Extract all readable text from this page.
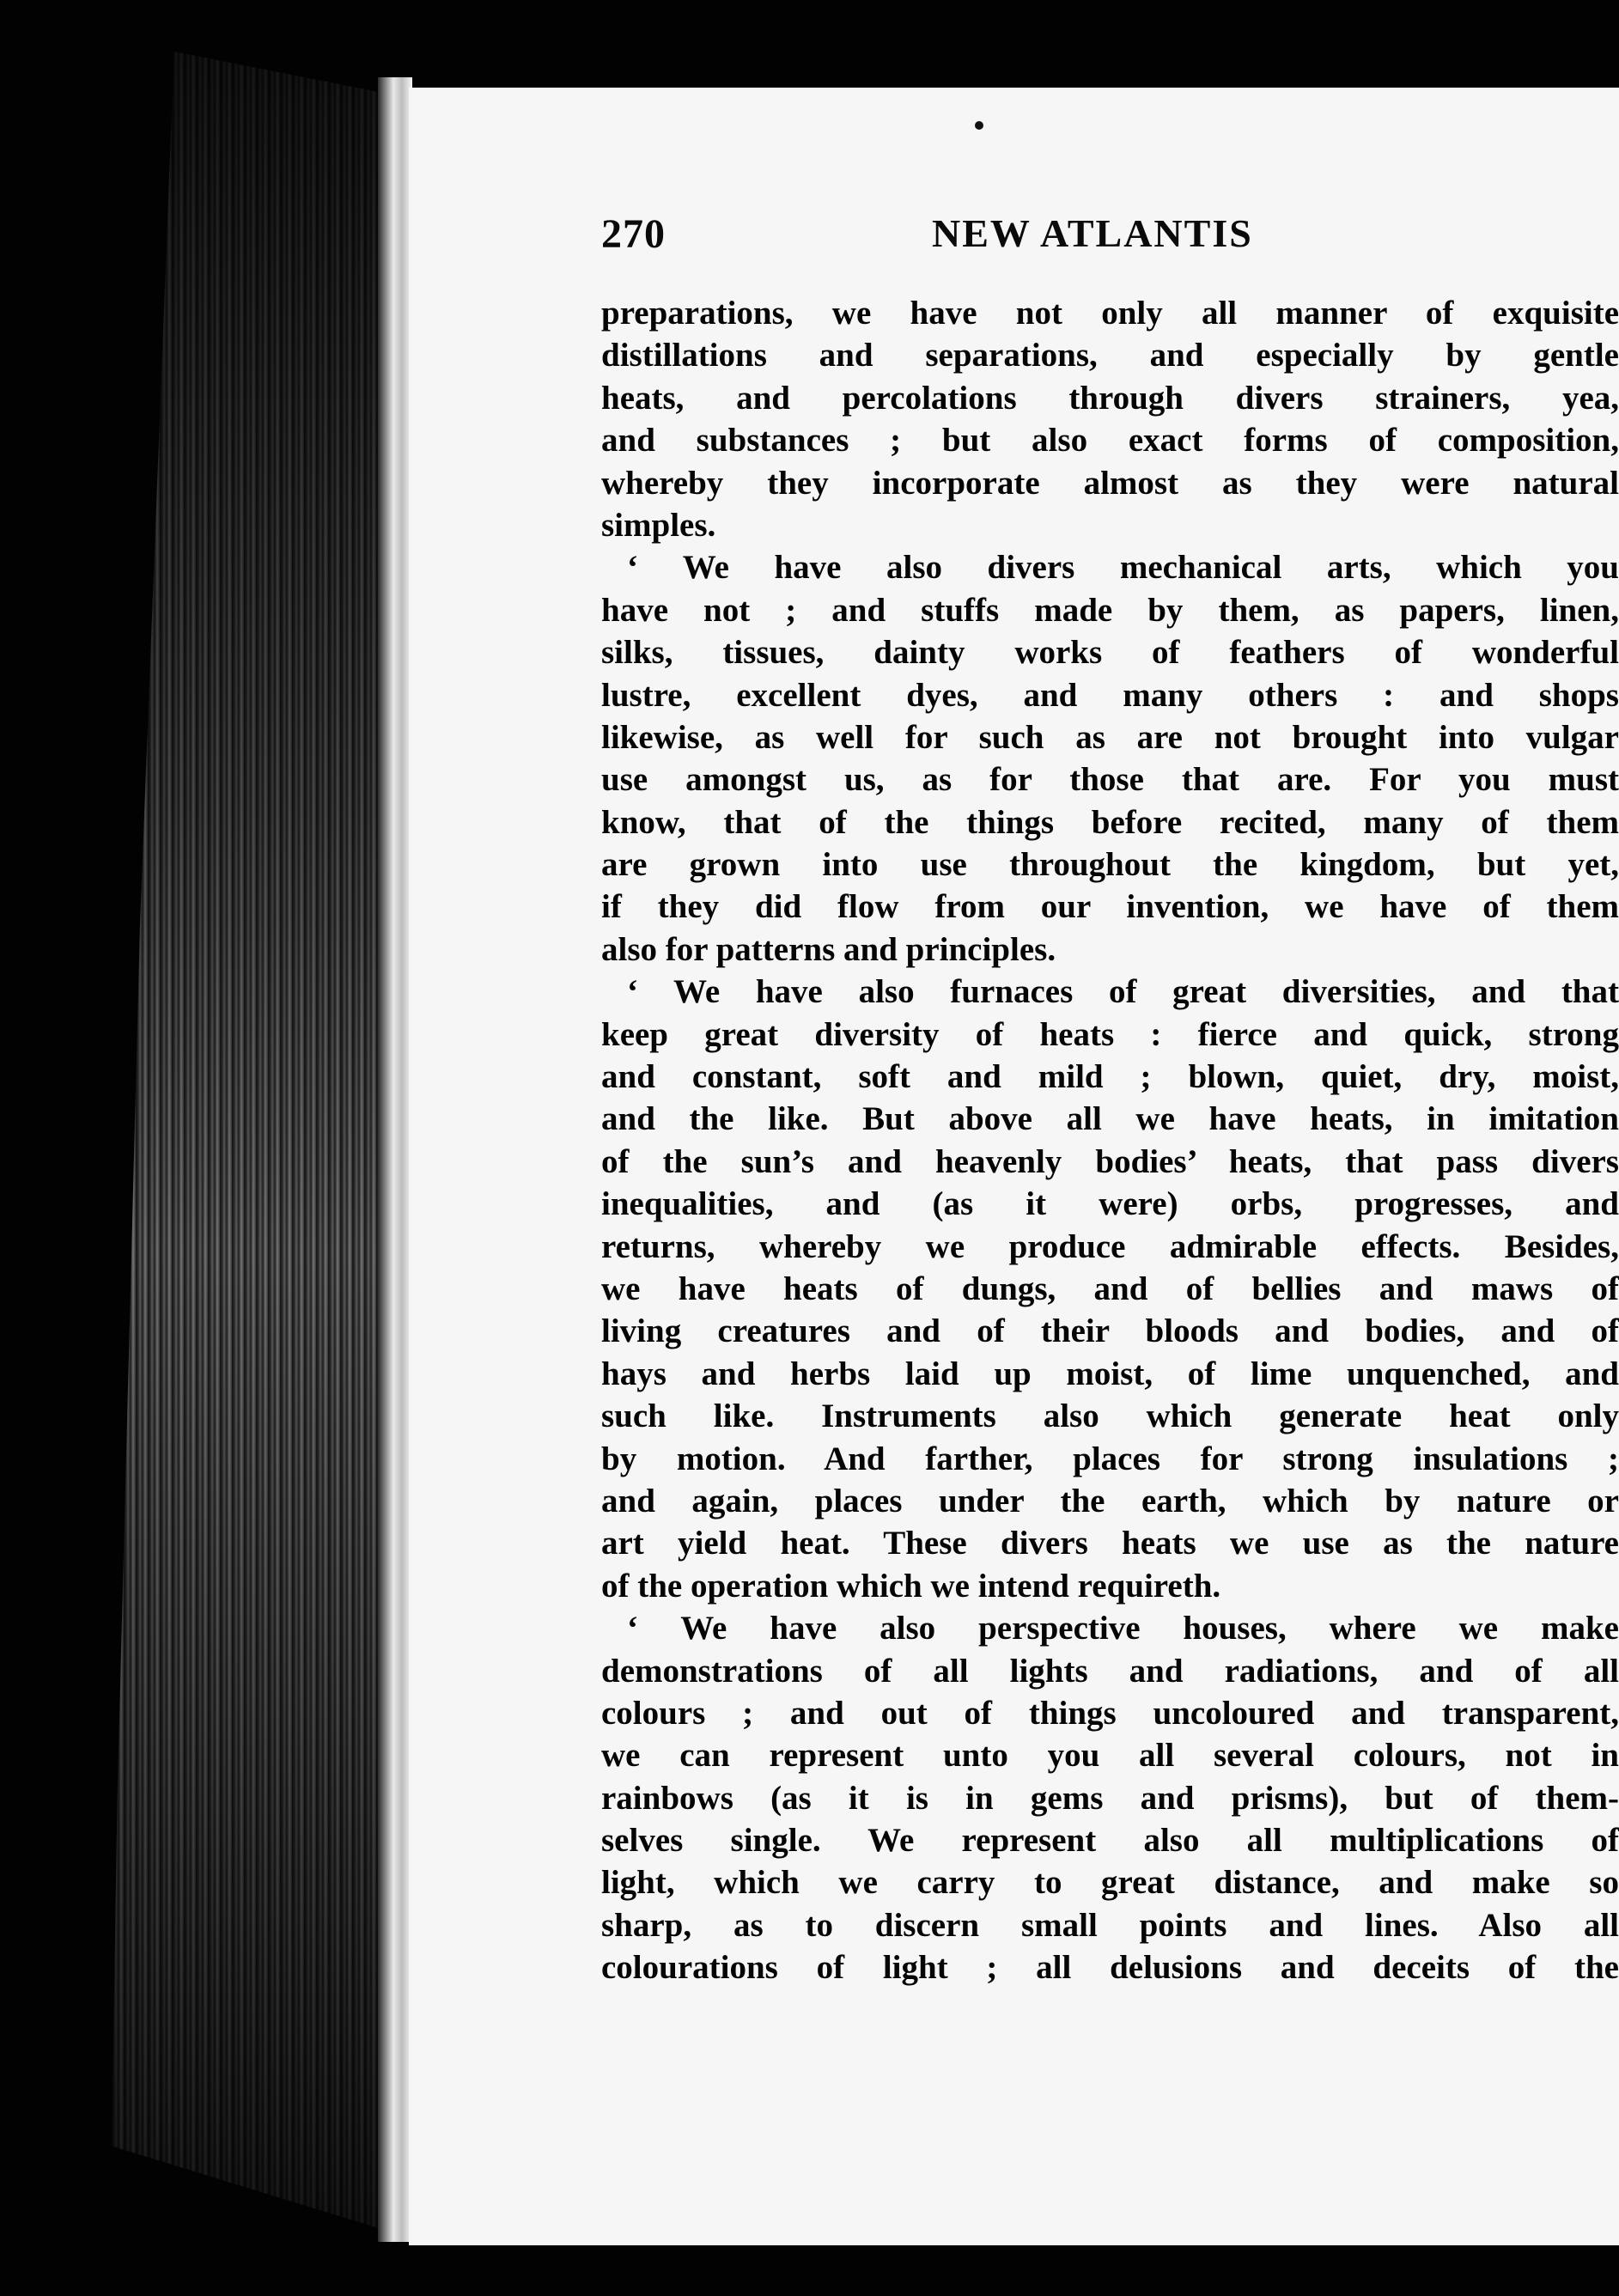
270	NEW ATLANTIS
preparations, we have not only all manner of exquisite
distillations and separations, and especially by gentle
heats, and percolations through divers strainers, yea,
and substances ; but also exact forms of composition,
whereby they incorporate almost as they were natural
simples.
‘ We have also divers mechanical arts, which you
have not ; and stuffs made by them, as papers, linen,
silks, tissues, dainty works of feathers of wonderful
lustre, excellent dyes, and many others : and shops
likewise, as well for such as are not brought into vulgar
use amongst us, as for those that are. For you must
know, that of the things before recited, many of them
are grown into use throughout the kingdom, but yet,
if they did flow from our invention, we have of them
also for patterns and principles.
‘ We have also furnaces of great diversities, and that
keep great diversity of heats : fierce and quick, strong
and constant, soft and mild ; blown, quiet, dry, moist,
and the like. But above all we have heats, in imitation
of the sun’s and heavenly bodies’ heats, that pass divers
inequalities, and (as it were) orbs, progresses, and
returns, whereby we produce admirable effects. Besides,
we have heats of dungs, and of bellies and maws of
living creatures and of their bloods and bodies, and of
hays and herbs laid up moist, of lime unquenched, and
such like. Instruments also which generate heat only
by motion. And farther, places for strong insulations ;
and again, places under the earth, which by nature or
art yield heat. These divers heats we use as the nature
of the operation which we intend requireth.
‘ We have also perspective houses, where we make
demonstrations of all lights and radiations, and of all
colours ; and out of things uncoloured and transparent,
we can represent unto you all several colours, not in
rainbows (as it is in gems and prisms), but of them-
selves single. We represent also all multiplications of
light, which we carry to great distance, and make so
sharp, as to discern small points and lines. Also all
colourations of light ; all delusions and deceits of the
